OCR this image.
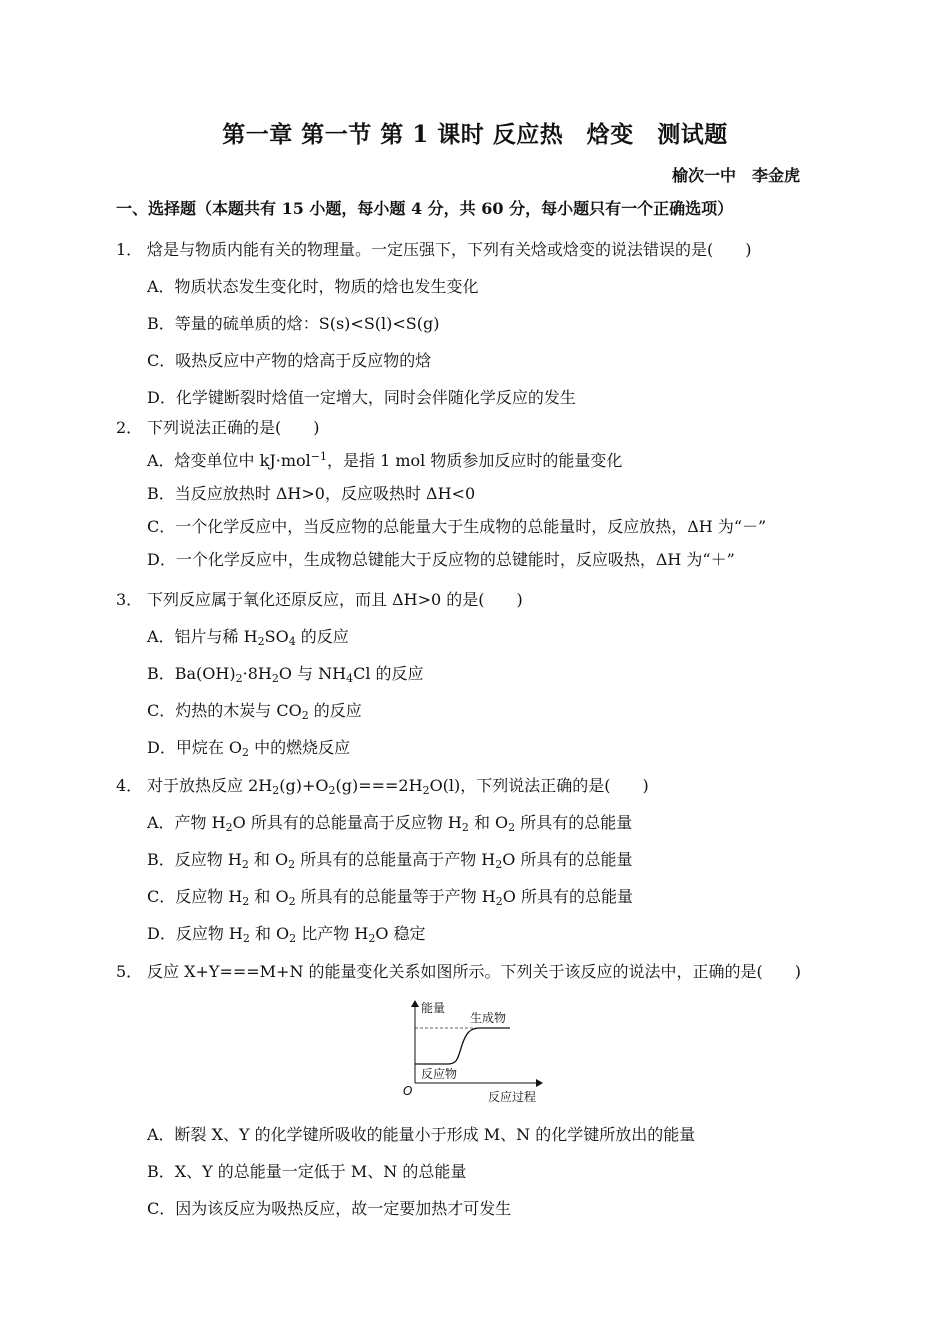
第一章 第一节 第 1 课时 反应热　焓变　测试题
榆次一中　李金虎
一、选择题（本题共有 15 小题，每小题 4 分，共 60 分，每小题只有一个正确选项）
1． 焓是与物质内能有关的物理量。一定压强下，下列有关焓或焓变的说法错误的是(　　)
A．物质状态发生变化时，物质的焓也发生变化
B．等量的硫单质的焓：S(s)<S(l)<S(g)
C．吸热反应中产物的焓高于反应物的焓
D．化学键断裂时焓值一定增大，同时会伴随化学反应的发生
2． 下列说法正确的是(　　)
A．焓变单位中 kJ·mol$^{-1}$，是指 1 mol 物质参加反应时的能量变化
B．当反应放热时 ΔH>0，反应吸热时 ΔH<0
C．一个化学反应中，当反应物的总能量大于生成物的总能量时，反应放热，ΔH 为“－”
D．一个化学反应中，生成物总键能大于反应物的总键能时，反应吸热，ΔH 为“＋”
3． 下列反应属于氧化还原反应，而且 ΔH>0 的是(　　)
A．铝片与稀 $H_2SO_4$ 的反应
B．$Ba(OH)_2\cdot 8H_2O$ 与 $NH_4Cl$ 的反应
C．灼热的木炭与 $CO_2$ 的反应
D．甲烷在 $O_2$ 中的燃烧反应
4． 对于放热反应 $2H_2(g)+O_2(g)===2H_2O(l)$，下列说法正确的是(　　)
A．产物 $H_2O$ 所具有的总能量高于反应物 $H_2$ 和 $O_2$ 所具有的总能量
B．反应物 $H_2$ 和 $O_2$ 所具有的总能量高于产物 $H_2O$ 所具有的总能量
C．反应物 $H_2$ 和 $O_2$ 所具有的总能量等于产物 $H_2O$ 所具有的总能量
D．反应物 $H_2$ 和 $O_2$ 比产物 $H_2O$ 稳定
5． 反应 X+Y===M+N 的能量变化关系如图所示。下列关于该反应的说法中，正确的是(　　)
能量
生成物
反应物
O	反应过程
A．断裂 X、Y 的化学键所吸收的能量小于形成 M、N 的化学键所放出的能量
B．X、Y 的总能量一定低于 M、N 的总能量
C．因为该反应为吸热反应，故一定要加热才可发生
